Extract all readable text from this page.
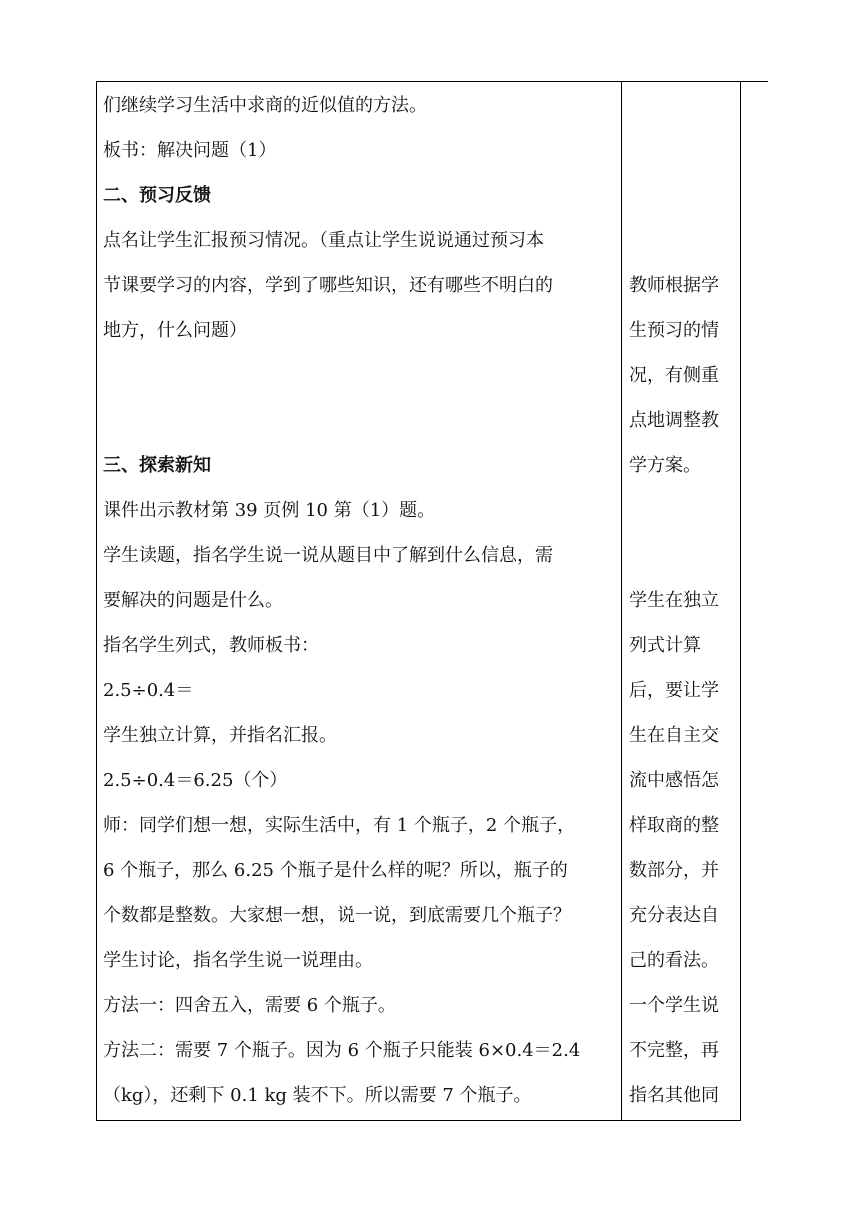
们继续学习生活中求商的近似值的方法。
板书：解决问题（1）
二、预习反馈
点名让学生汇报预习情况。（重点让学生说说通过预习本
节课要学习的内容，学到了哪些知识，还有哪些不明白的
地方，什么问题）
三、探索新知
课件出示教材第 39 页例 10 第（1）题。
学生读题，指名学生说一说从题目中了解到什么信息，需
要解决的问题是什么。
指名学生列式，教师板书：
2.5÷0.4＝
学生独立计算，并指名汇报。
2.5÷0.4＝6.25（个）
师：同学们想一想，实际生活中，有 1 个瓶子，2 个瓶子，
6 个瓶子，那么 6.25 个瓶子是什么样的呢？所以，瓶子的
个数都是整数。大家想一想，说一说，到底需要几个瓶子？
学生讨论，指名学生说一说理由。
方法一：四舍五入，需要 6 个瓶子。
方法二：需要 7 个瓶子。因为 6 个瓶子只能装 6×0.4＝2.4
（kg），还剩下 0.1 kg 装不下。所以需要 7 个瓶子。
教师根据学
生预习的情
况，有侧重
点地调整教
学方案。
学生在独立
列式计算
后，要让学
生在自主交
流中感悟怎
样取商的整
数部分，并
充分表达自
己的看法。
一个学生说
不完整，再
指名其他同
